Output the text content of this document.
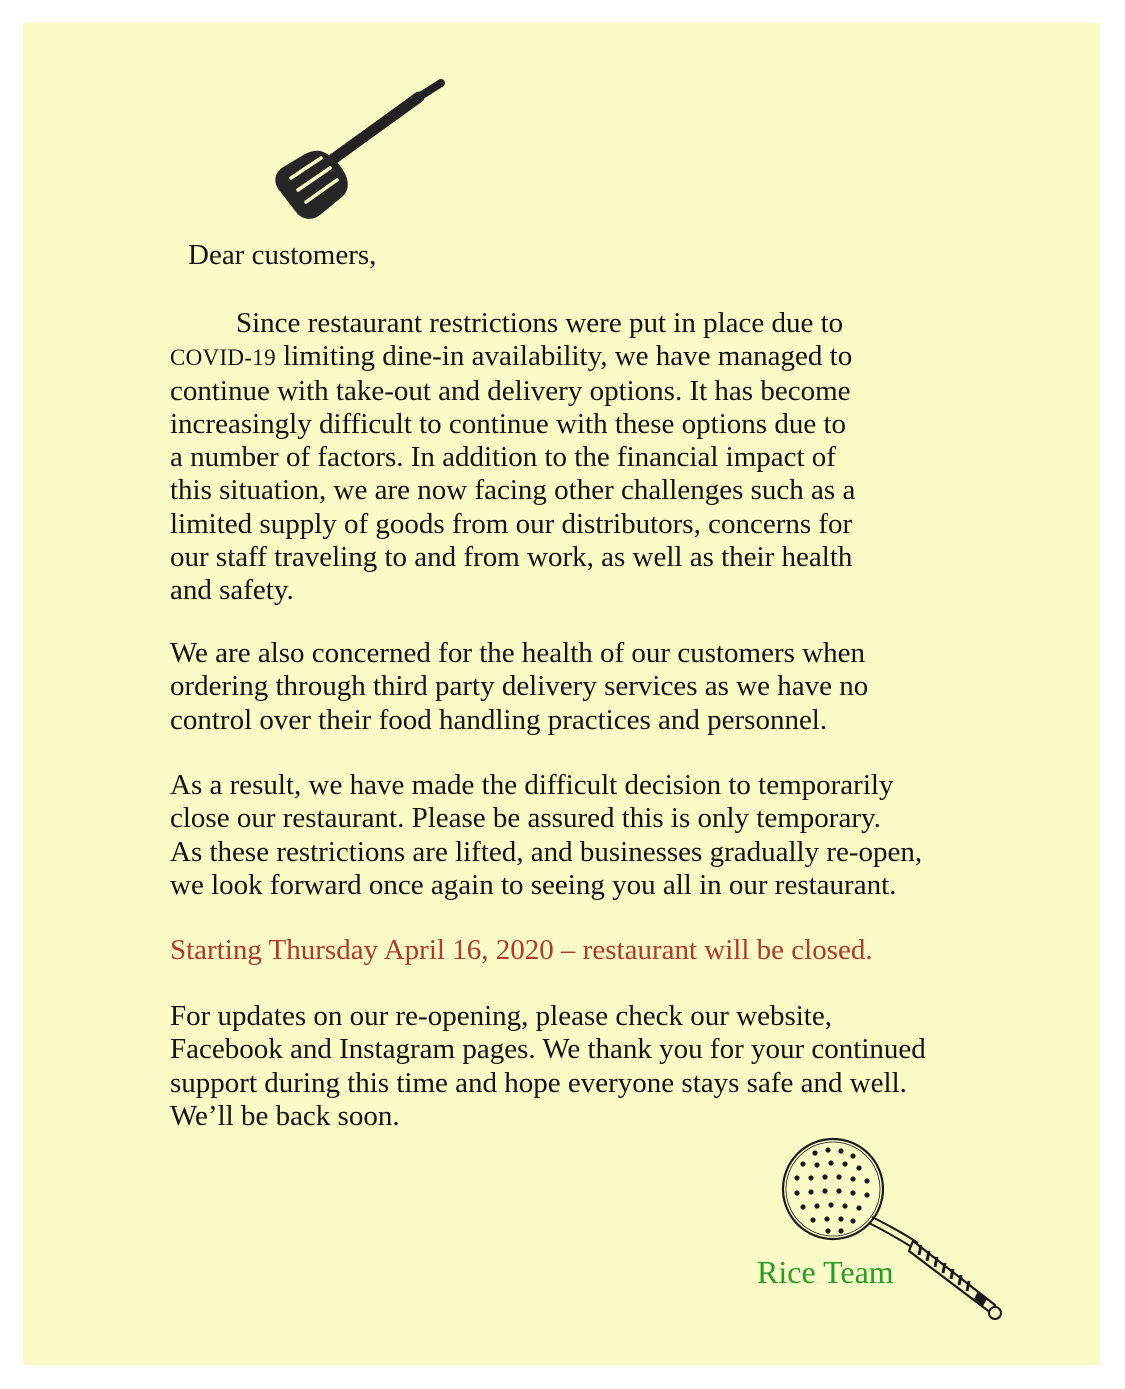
Dear customers,

Since restaurant restrictions were put in place due to
COVID-19 limiting dine-in availability, we have managed to
continue with take-out and delivery options. It has become
increasingly difficult to continue with these options due to
a number of factors. In addition to the financial impact of
this situation, we are now facing other challenges such as a
limited supply of goods from our distributors, concerns for
our staff traveling to and from work, as well as their health
and safety.

We are also concerned for the health of our customers when
ordering through third party delivery services as we have no
control over their food handling practices and personnel.

As a result, we have made the difficult decision to temporarily
close our restaurant. Please be assured this is only temporary.
As these restrictions are lifted, and businesses gradually re-open,
we look forward once again to seeing you all in our restaurant.

Starting Thursday April 16, 2020 – restaurant will be closed.

For updates on our re-opening, please check our website,
Facebook and Instagram pages. We thank you for your continued
support during this time and hope everyone stays safe and well.
We’ll be back soon.

Rice Team
